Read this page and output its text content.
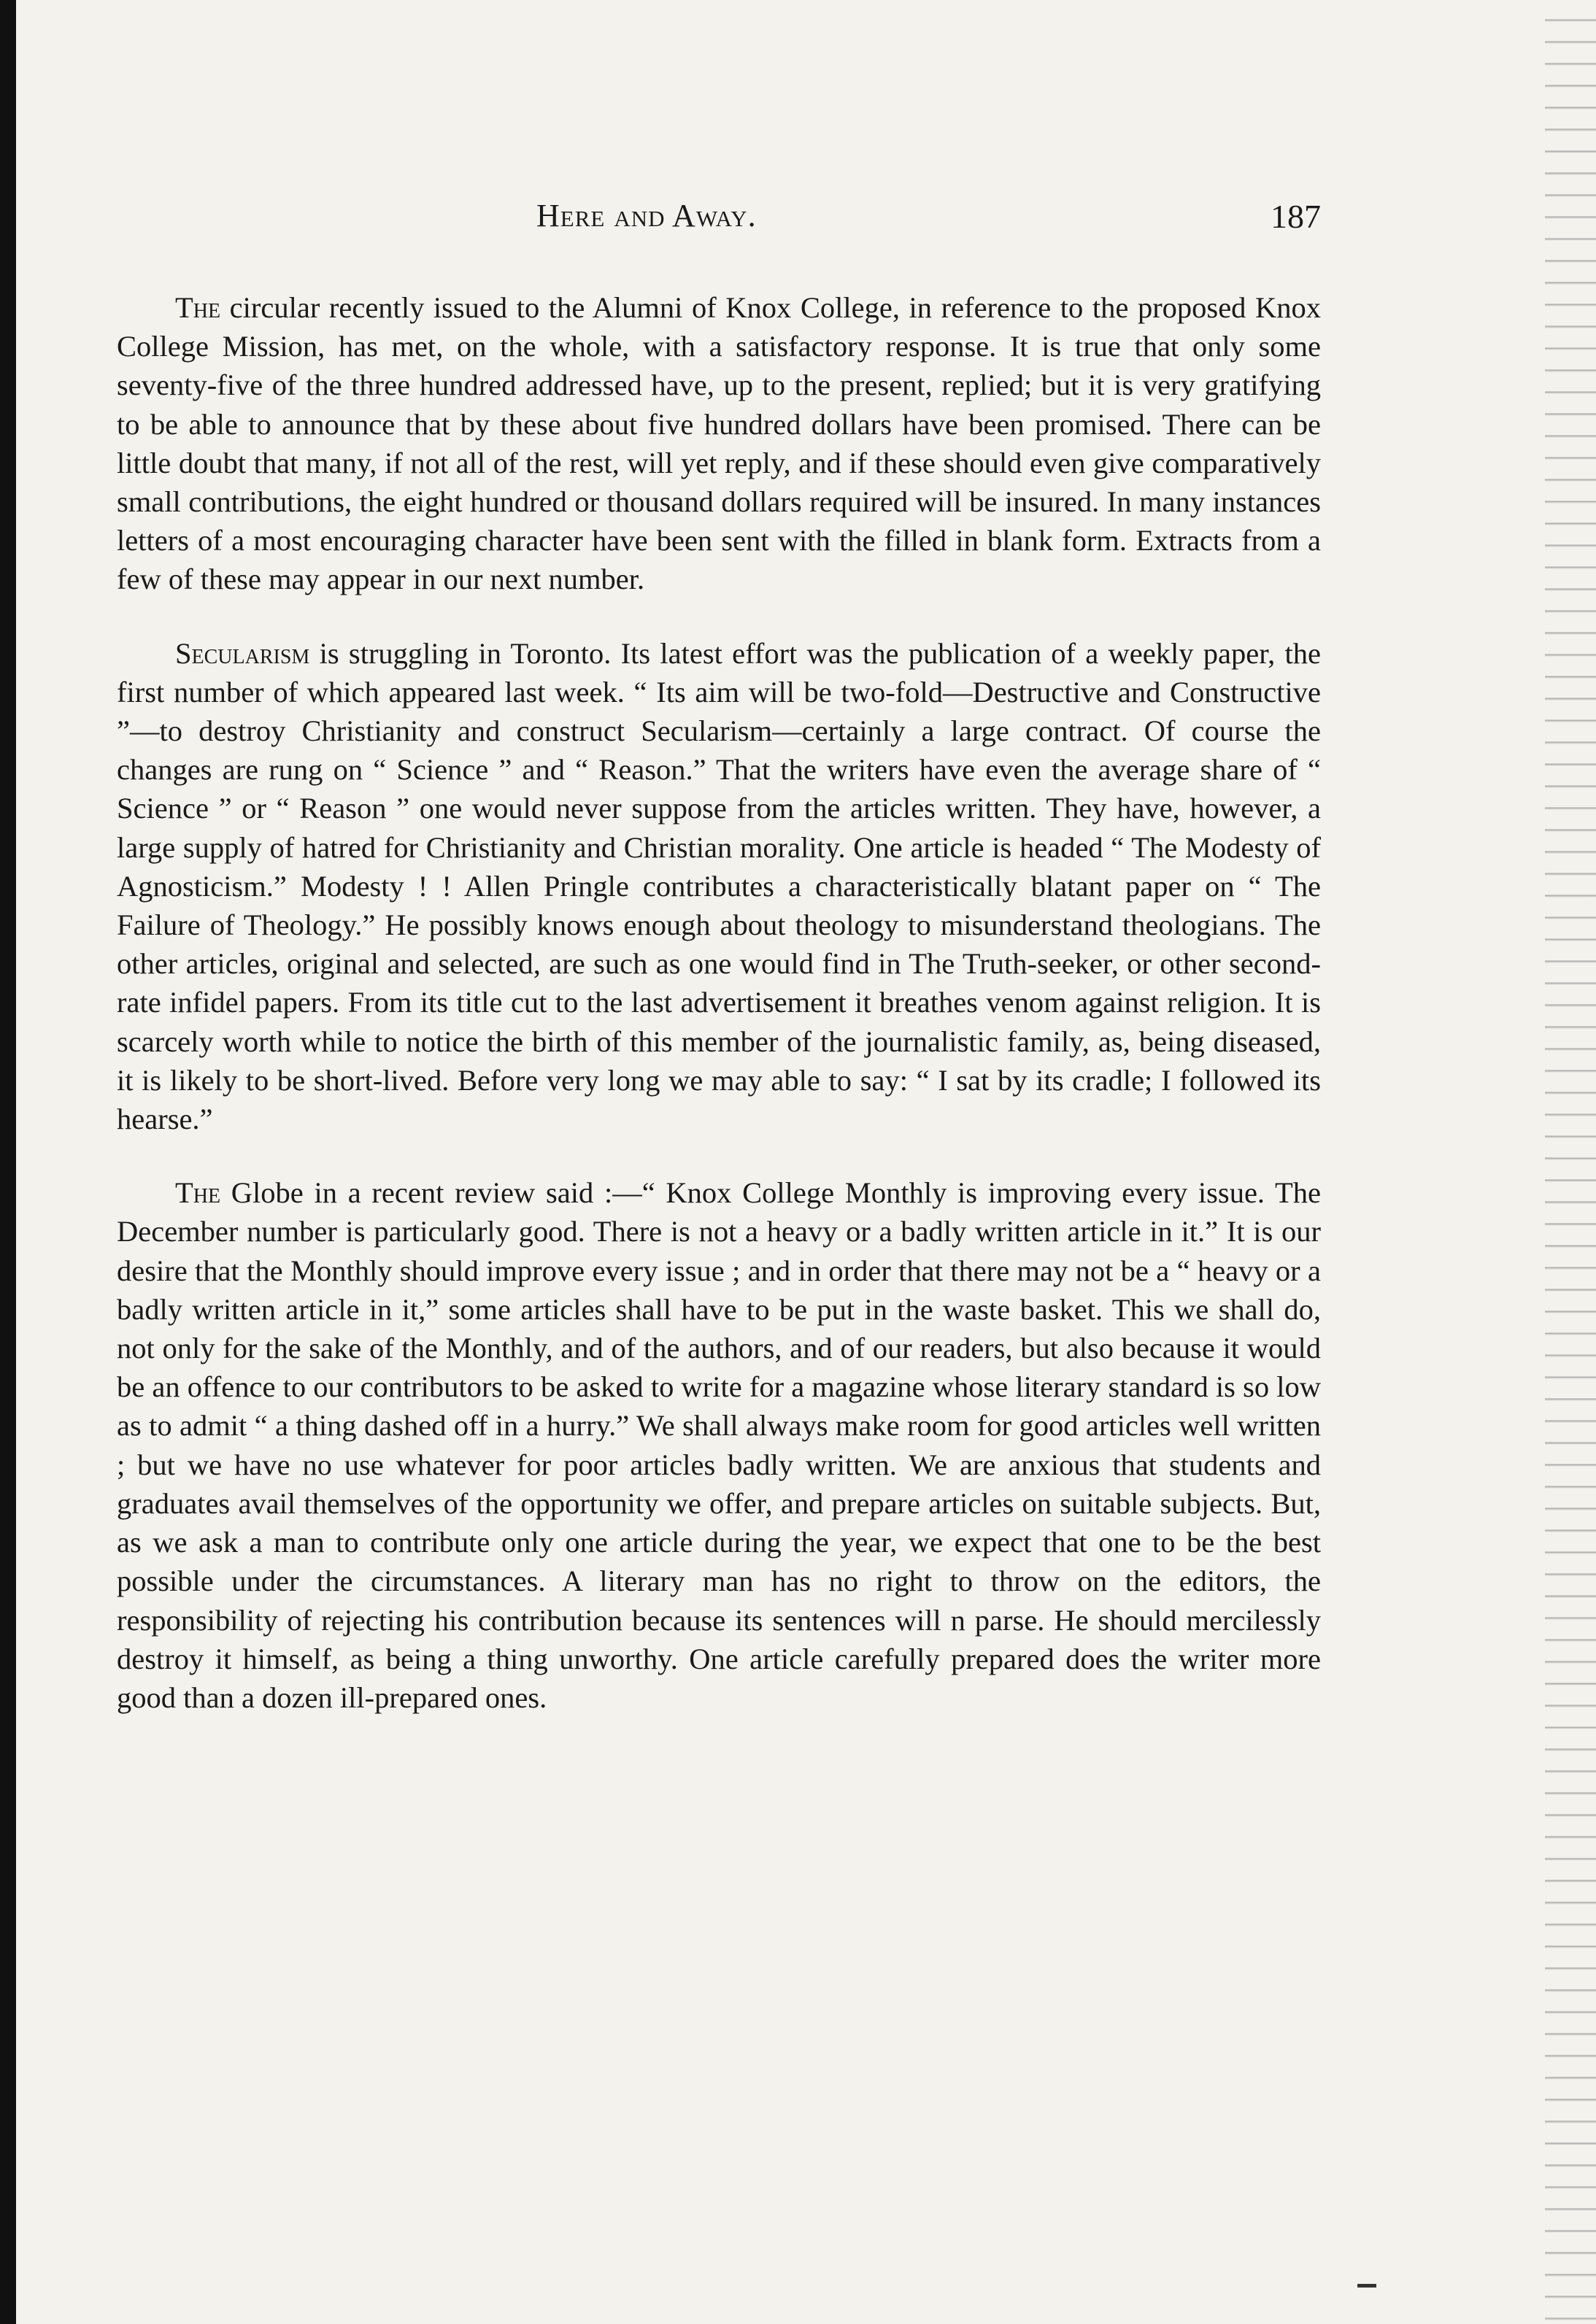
Here and Away.	187

The circular recently issued to the Alumni of Knox College, in reference to the proposed Knox College Mission, has met, on the whole, with a satisfactory response. It is true that only some seventy-five of the three hundred addressed have, up to the present, replied; but it is very gratifying to be able to announce that by these about five hundred dollars have been promised. There can be little doubt that many, if not all of the rest, will yet reply, and if these should even give comparatively small contributions, the eight hundred or thousand dollars required will be insured. In many instances letters of a most encouraging character have been sent with the filled in blank form. Extracts from a few of these may appear in our next number.

Secularism is struggling in Toronto. Its latest effort was the publication of a weekly paper, the first number of which appeared last week. “ Its aim will be two-fold—Destructive and Constructive ”—to destroy Christianity and construct Secularism—certainly a large contract. Of course the changes are rung on “ Science ” and “ Reason.” That the writers have even the average share of “ Science ” or “ Reason ” one would never suppose from the articles written. They have, however, a large supply of hatred for Christianity and Christian morality. One article is headed “ The Modesty of Agnosticism.” Modesty ! ! Allen Pringle contributes a characteristically blatant paper on “ The Failure of Theology.” He possibly knows enough about theology to misunderstand theologians. The other articles, original and selected, are such as one would find in The Truth-seeker, or other second-rate infidel papers. From its title cut to the last advertisement it breathes venom against religion. It is scarcely worth while to notice the birth of this member of the journalistic family, as, being diseased, it is likely to be short-lived. Before very long we may able to say: “ I sat by its cradle; I followed its hearse.”

The Globe in a recent review said :—“ Knox College Monthly is improving every issue. The December number is particularly good. There is not a heavy or a badly written article in it.” It is our desire that the Monthly should improve every issue ; and in order that there may not be a “ heavy or a badly written article in it,” some articles shall have to be put in the waste basket. This we shall do, not only for the sake of the Monthly, and of the authors, and of our readers, but also because it would be an offence to our contributors to be asked to write for a magazine whose literary standard is so low as to admit “ a thing dashed off in a hurry.” We shall always make room for good articles well written ; but we have no use whatever for poor articles badly written. We are anxious that students and graduates avail themselves of the opportunity we offer, and prepare articles on suitable subjects. But, as we ask a man to contribute only one article during the year, we expect that one to be the best possible under the circumstances. A literary man has no right to throw on the editors, the responsibility of rejecting his contribution because its sentences will n parse. He should mercilessly destroy it himself, as being a thing unworthy. One article carefully prepared does the writer more good than a dozen ill-prepared ones.
